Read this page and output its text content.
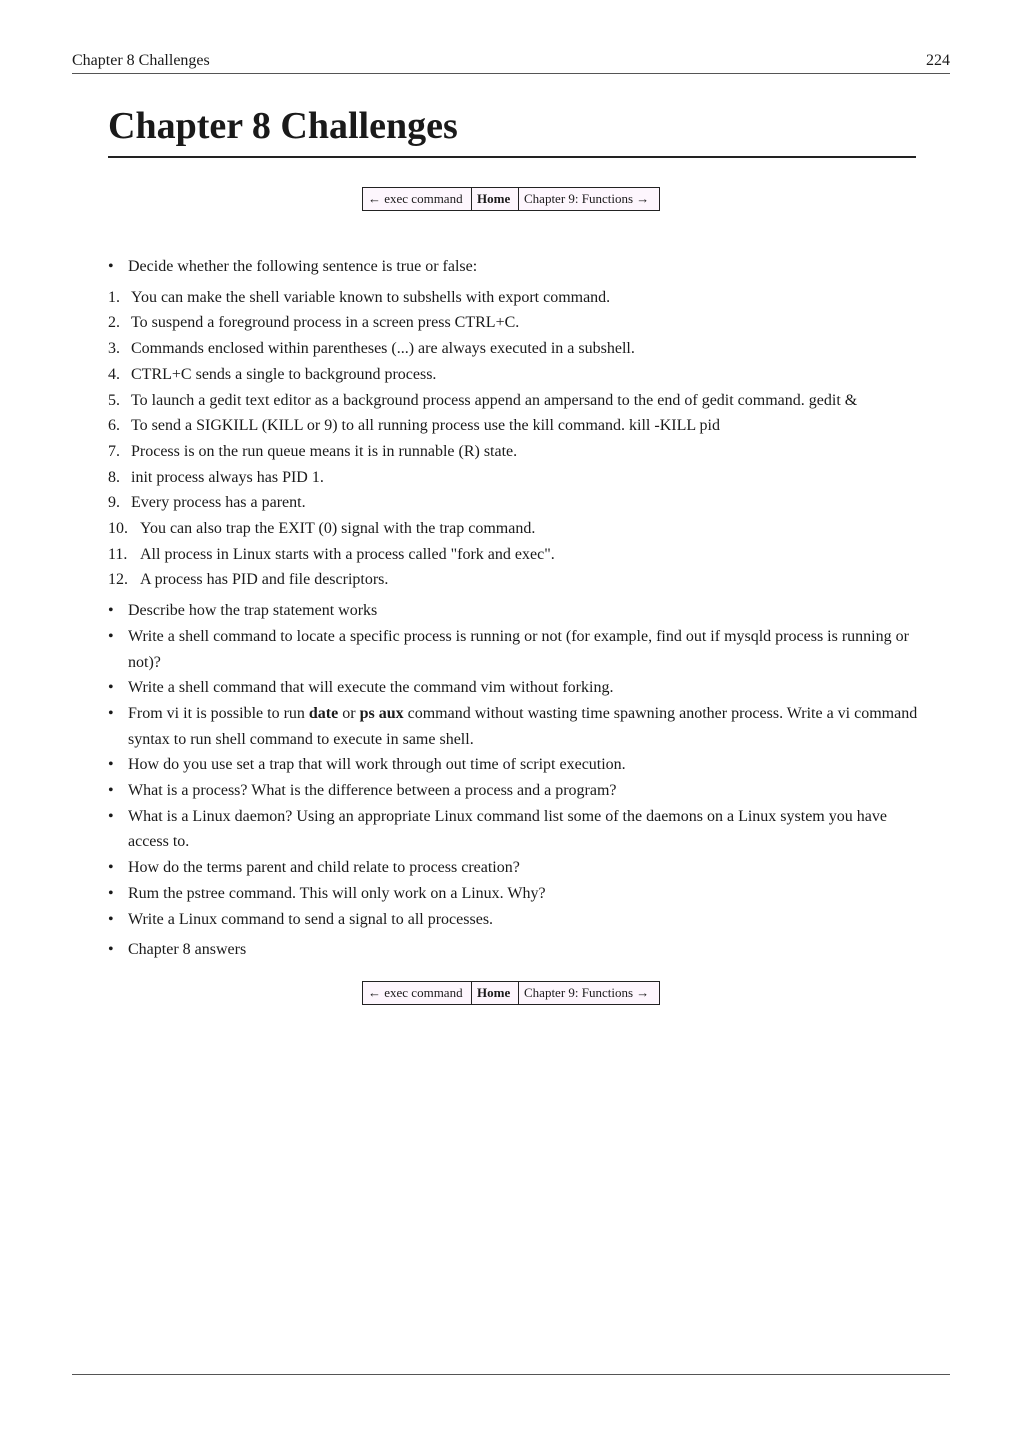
Chapter 8 Challenges	224
Chapter 8 Challenges
← exec command	Home	Chapter 9: Functions →
• Decide whether the following sentence is true or false:
1. You can make the shell variable known to subshells with export command.
2. To suspend a foreground process in a screen press CTRL+C.
3. Commands enclosed within parentheses (...) are always executed in a subshell.
4. CTRL+C sends a single to background process.
5. To launch a gedit text editor as a background process append an ampersand to the end of gedit command. gedit &
6. To send a SIGKILL (KILL or 9) to all running process use the kill command. kill -KILL pid
7. Process is on the run queue means it is in runnable (R) state.
8. init process always has PID 1.
9. Every process has a parent.
10. You can also trap the EXIT (0) signal with the trap command.
11. All process in Linux starts with a process called "fork and exec".
12. A process has PID and file descriptors.
• Describe how the trap statement works
• Write a shell command to locate a specific process is running or not (for example, find out if mysqld process is running or not)?
• Write a shell command that will execute the command vim without forking.
• From vi it is possible to run date or ps aux command without wasting time spawning another process. Write a vi command syntax to run shell command to execute in same shell.
• How do you use set a trap that will work through out time of script execution.
• What is a process? What is the difference between a process and a program?
• What is a Linux daemon? Using an appropriate Linux command list some of the daemons on a Linux system you have access to.
• How do the terms parent and child relate to process creation?
• Rum the pstree command. This will only work on a Linux. Why?
• Write a Linux command to send a signal to all processes.
• Chapter 8 answers
← exec command	Home	Chapter 9: Functions →
